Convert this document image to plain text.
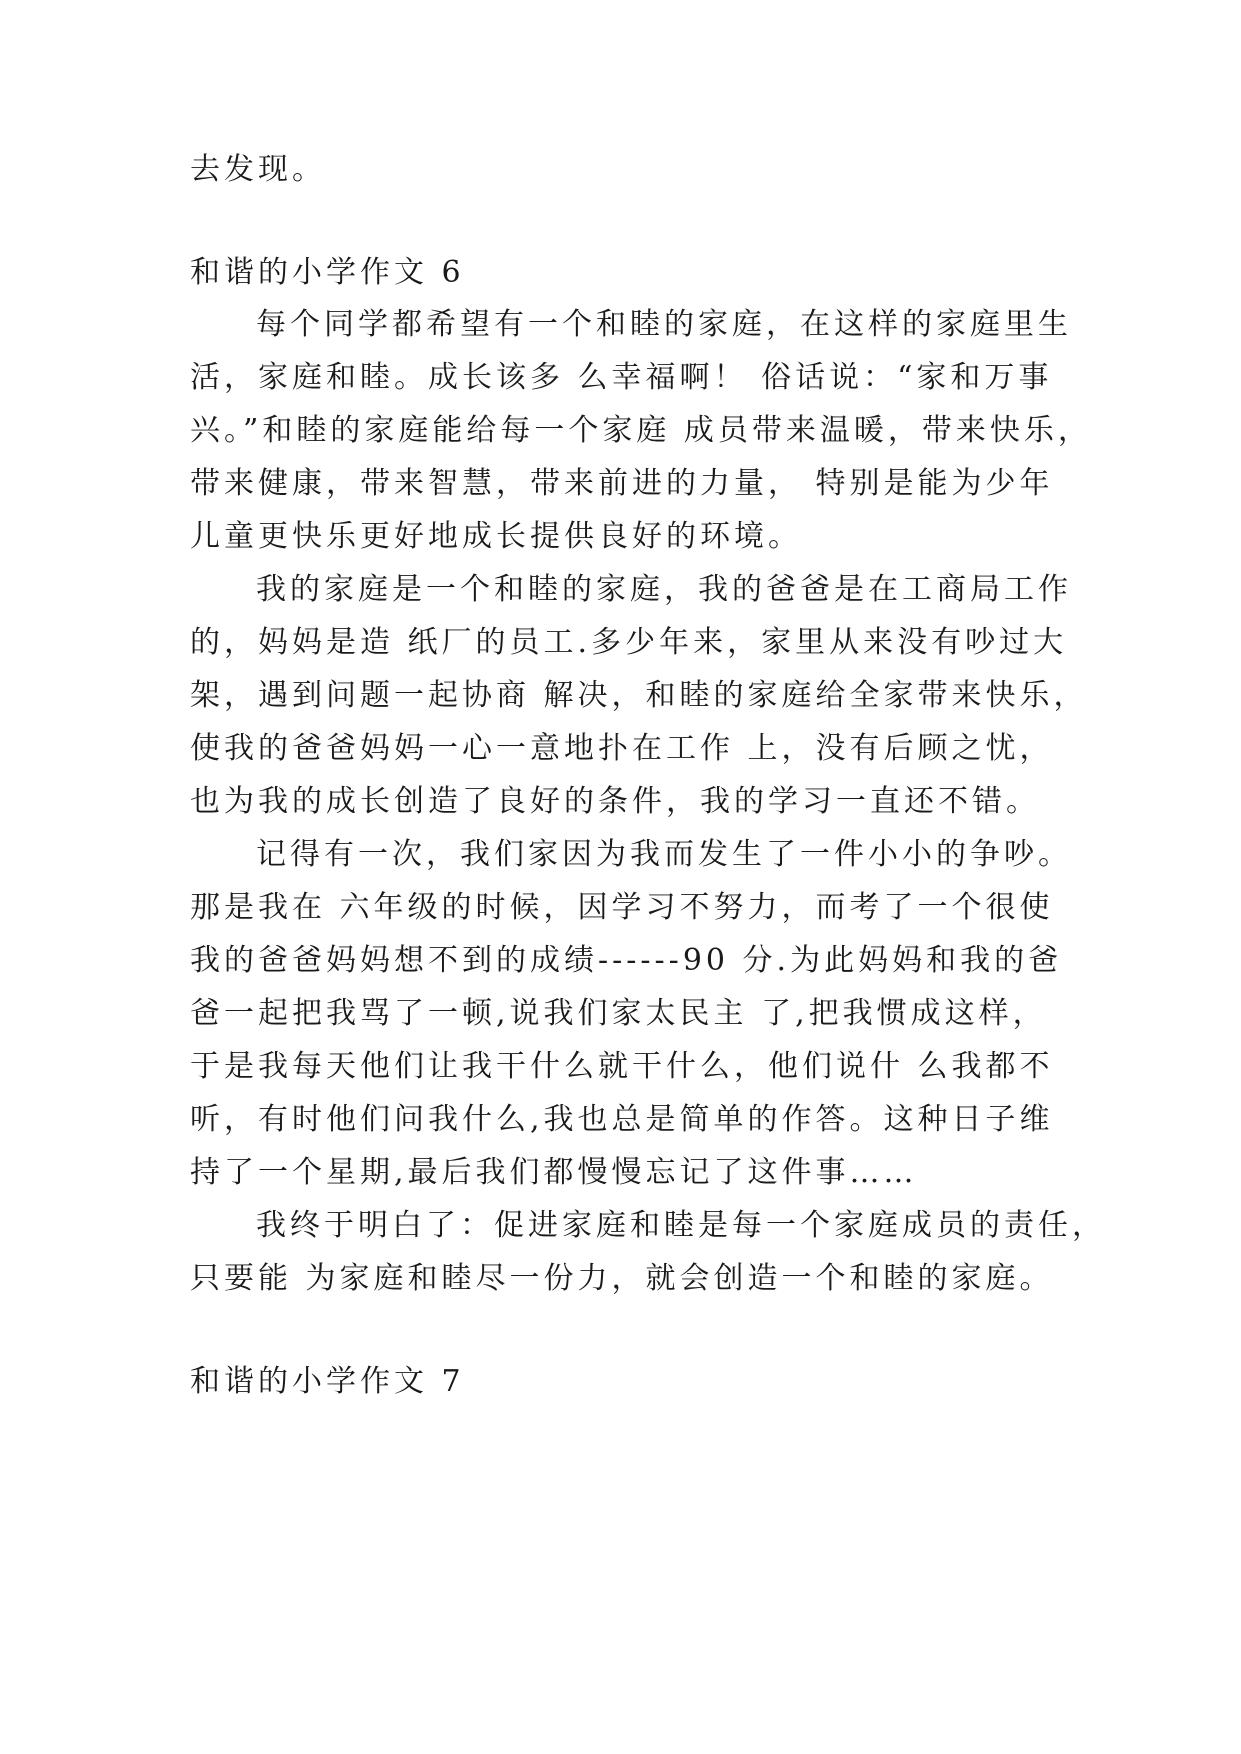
去发现。
和谐的小学作文 6
每个同学都希望有一个和睦的家庭，在这样的家庭里生
活，家庭和睦。成长该多 么幸福啊！ 俗话说：“家和万事
兴。”和睦的家庭能给每一个家庭 成员带来温暖，带来快乐，
带来健康，带来智慧，带来前进的力量， 特别是能为少年
儿童更快乐更好地成长提供良好的环境。
我的家庭是一个和睦的家庭，我的爸爸是在工商局工作
的，妈妈是造 纸厂的员工.多少年来，家里从来没有吵过大
架，遇到问题一起协商 解决，和睦的家庭给全家带来快乐，
使我的爸爸妈妈一心一意地扑在工作 上，没有后顾之忧，
也为我的成长创造了良好的条件，我的学习一直还不错。
记得有一次，我们家因为我而发生了一件小小的争吵。
那是我在 六年级的时候，因学习不努力，而考了一个很使
我的爸爸妈妈想不到的成绩------90 分.为此妈妈和我的爸
爸一起把我骂了一顿,说我们家太民主 了,把我惯成这样，
于是我每天他们让我干什么就干什么，他们说什 么我都不
听，有时他们问我什么,我也总是简单的作答。这种日子维
持了一个星期,最后我们都慢慢忘记了这件事……
我终于明白了：促进家庭和睦是每一个家庭成员的责任，
只要能 为家庭和睦尽一份力，就会创造一个和睦的家庭。
和谐的小学作文 7
